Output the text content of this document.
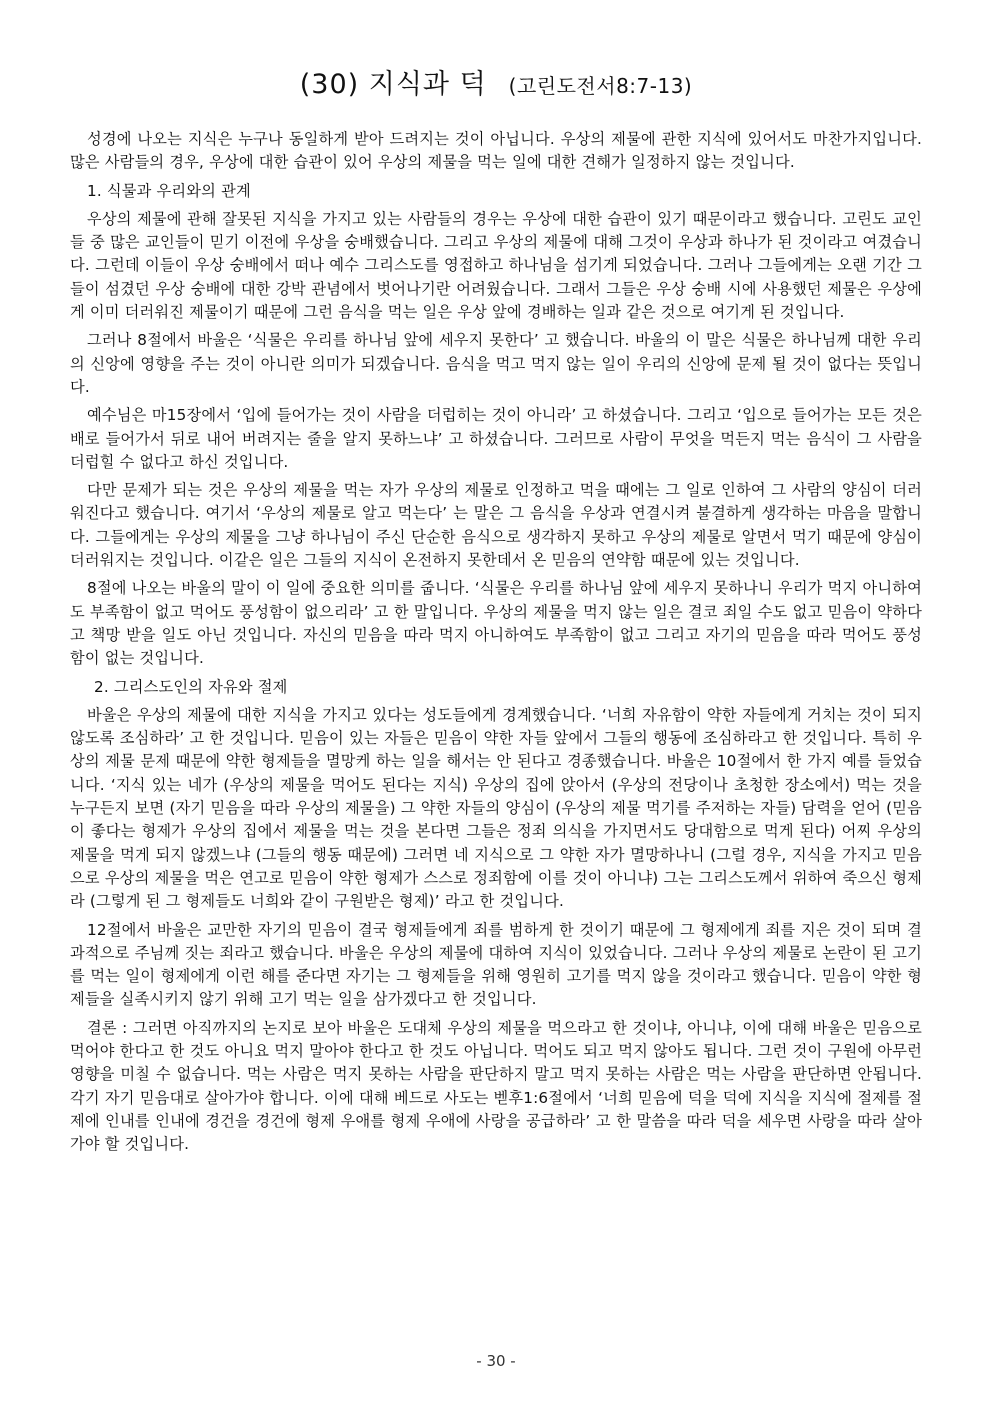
(30) 지식과 덕 (고린도전서8:7-13)

성경에 나오는 지식은 누구나 동일하게 받아 드려지는 것이 아닙니다. 우상의 제물에 관한 지식에 있어서도 마찬가지입니다. 많은 사람들의 경우, 우상에 대한 습관이 있어 우상의 제물을 먹는 일에 대한 견해가 일정하지 않는 것입니다.

1. 식물과 우리와의 관계

우상의 제물에 관해 잘못된 지식을 가지고 있는 사람들의 경우는 우상에 대한 습관이 있기 때문이라고 했습니다. 고린도 교인들 중 많은 교인들이 믿기 이전에 우상을 숭배했습니다. 그리고 우상의 제물에 대해 그것이 우상과 하나가 된 것이라고 여겼습니다. 그런데 이들이 우상 숭배에서 떠나 예수 그리스도를 영접하고 하나님을 섬기게 되었습니다. 그러나 그들에게는 오랜 기간 그들이 섬겼던 우상 숭배에 대한 강박 관념에서 벗어나기란 어려웠습니다. 그래서 그들은 우상 숭배 시에 사용했던 제물은 우상에게 이미 더러워진 제물이기 때문에 그런 음식을 먹는 일은 우상 앞에 경배하는 일과 같은 것으로 여기게 된 것입니다.

그러나 8절에서 바울은 ‘식물은 우리를 하나님 앞에 세우지 못한다’ 고 했습니다. 바울의 이 말은 식물은 하나님께 대한 우리의 신앙에 영향을 주는 것이 아니란 의미가 되겠습니다. 음식을 먹고 먹지 않는 일이 우리의 신앙에 문제 될 것이 없다는 뜻입니다.

예수님은 마15장에서 ‘입에 들어가는 것이 사람을 더럽히는 것이 아니라’ 고 하셨습니다. 그리고 ‘입으로 들어가는 모든 것은 배로 들어가서 뒤로 내어 버려지는 줄을 알지 못하느냐’ 고 하셨습니다. 그러므로 사람이 무엇을 먹든지 먹는 음식이 그 사람을 더럽힐 수 없다고 하신 것입니다.

다만 문제가 되는 것은 우상의 제물을 먹는 자가 우상의 제물로 인정하고 먹을 때에는 그 일로 인하여 그 사람의 양심이 더러워진다고 했습니다. 여기서 ‘우상의 제물로 알고 먹는다’ 는 말은 그 음식을 우상과 연결시켜 불결하게 생각하는 마음을 말합니다. 그들에게는 우상의 제물을 그냥 하나님이 주신 단순한 음식으로 생각하지 못하고 우상의 제물로 알면서 먹기 때문에 양심이 더러워지는 것입니다. 이같은 일은 그들의 지식이 온전하지 못한데서 온 믿음의 연약함 때문에 있는 것입니다.

8절에 나오는 바울의 말이 이 일에 중요한 의미를 줍니다. ‘식물은 우리를 하나님 앞에 세우지 못하나니 우리가 먹지 아니하여도 부족함이 없고 먹어도 풍성함이 없으리라’ 고 한 말입니다. 우상의 제물을 먹지 않는 일은 결코 죄일 수도 없고 믿음이 약하다고 책망 받을 일도 아닌 것입니다. 자신의 믿음을 따라 먹지 아니하여도 부족함이 없고 그리고 자기의 믿음을 따라 먹어도 풍성함이 없는 것입니다.

2. 그리스도인의 자유와 절제

바울은 우상의 제물에 대한 지식을 가지고 있다는 성도들에게 경계했습니다. ‘너희 자유함이 약한 자들에게 거치는 것이 되지 않도록 조심하라’ 고 한 것입니다. 믿음이 있는 자들은 믿음이 약한 자들 앞에서 그들의 행동에 조심하라고 한 것입니다. 특히 우상의 제물 문제 때문에 약한 형제들을 멸망케 하는 일을 해서는 안 된다고 경종했습니다. 바울은 10절에서 한 가지 예를 들었습니다. ‘지식 있는 네가 (우상의 제물을 먹어도 된다는 지식) 우상의 집에 앉아서 (우상의 전당이나 초청한 장소에서) 먹는 것을 누구든지 보면 (자기 믿음을 따라 우상의 제물을) 그 약한 자들의 양심이 (우상의 제물 먹기를 주저하는 자들) 담력을 얻어 (믿음이 좋다는 형제가 우상의 집에서 제물을 먹는 것을 본다면 그들은 정죄 의식을 가지면서도 당대함으로 먹게 된다) 어찌 우상의 제물을 먹게 되지 않겠느냐 (그들의 행동 때문에) 그러면 네 지식으로 그 약한 자가 멸망하나니 (그럴 경우, 지식을 가지고 믿음으로 우상의 제물을 먹은 연고로 믿음이 약한 형제가 스스로 정죄함에 이를 것이 아니냐) 그는 그리스도께서 위하여 죽으신 형제라 (그렇게 된 그 형제들도 너희와 같이 구원받은 형제)’ 라고 한 것입니다.

12절에서 바울은 교만한 자기의 믿음이 결국 형제들에게 죄를 범하게 한 것이기 때문에 그 형제에게 죄를 지은 것이 되며 결과적으로 주님께 짓는 죄라고 했습니다. 바울은 우상의 제물에 대하여 지식이 있었습니다. 그러나 우상의 제물로 논란이 된 고기를 먹는 일이 형제에게 이런 해를 준다면 자기는 그 형제들을 위해 영원히 고기를 먹지 않을 것이라고 했습니다. 믿음이 약한 형제들을 실족시키지 않기 위해 고기 먹는 일을 삼가겠다고 한 것입니다.

결론 : 그러면 아직까지의 논지로 보아 바울은 도대체 우상의 제물을 먹으라고 한 것이냐, 아니냐, 이에 대해 바울은 믿음으로 먹어야 한다고 한 것도 아니요 먹지 말아야 한다고 한 것도 아닙니다. 먹어도 되고 먹지 않아도 됩니다. 그런 것이 구원에 아무런 영향을 미칠 수 없습니다. 먹는 사람은 먹지 못하는 사람을 판단하지 말고 먹지 못하는 사람은 먹는 사람을 판단하면 안됩니다. 각기 자기 믿음대로 살아가야 합니다. 이에 대해 베드로 사도는 벧후1:6절에서 ‘너희 믿음에 덕을 덕에 지식을 지식에 절제를 절제에 인내를 인내에 경건을 경건에 형제 우애를 형제 우애에 사랑을 공급하라’ 고 한 말씀을 따라 덕을 세우면 사랑을 따라 살아가야 할 것입니다.

- 30 -
